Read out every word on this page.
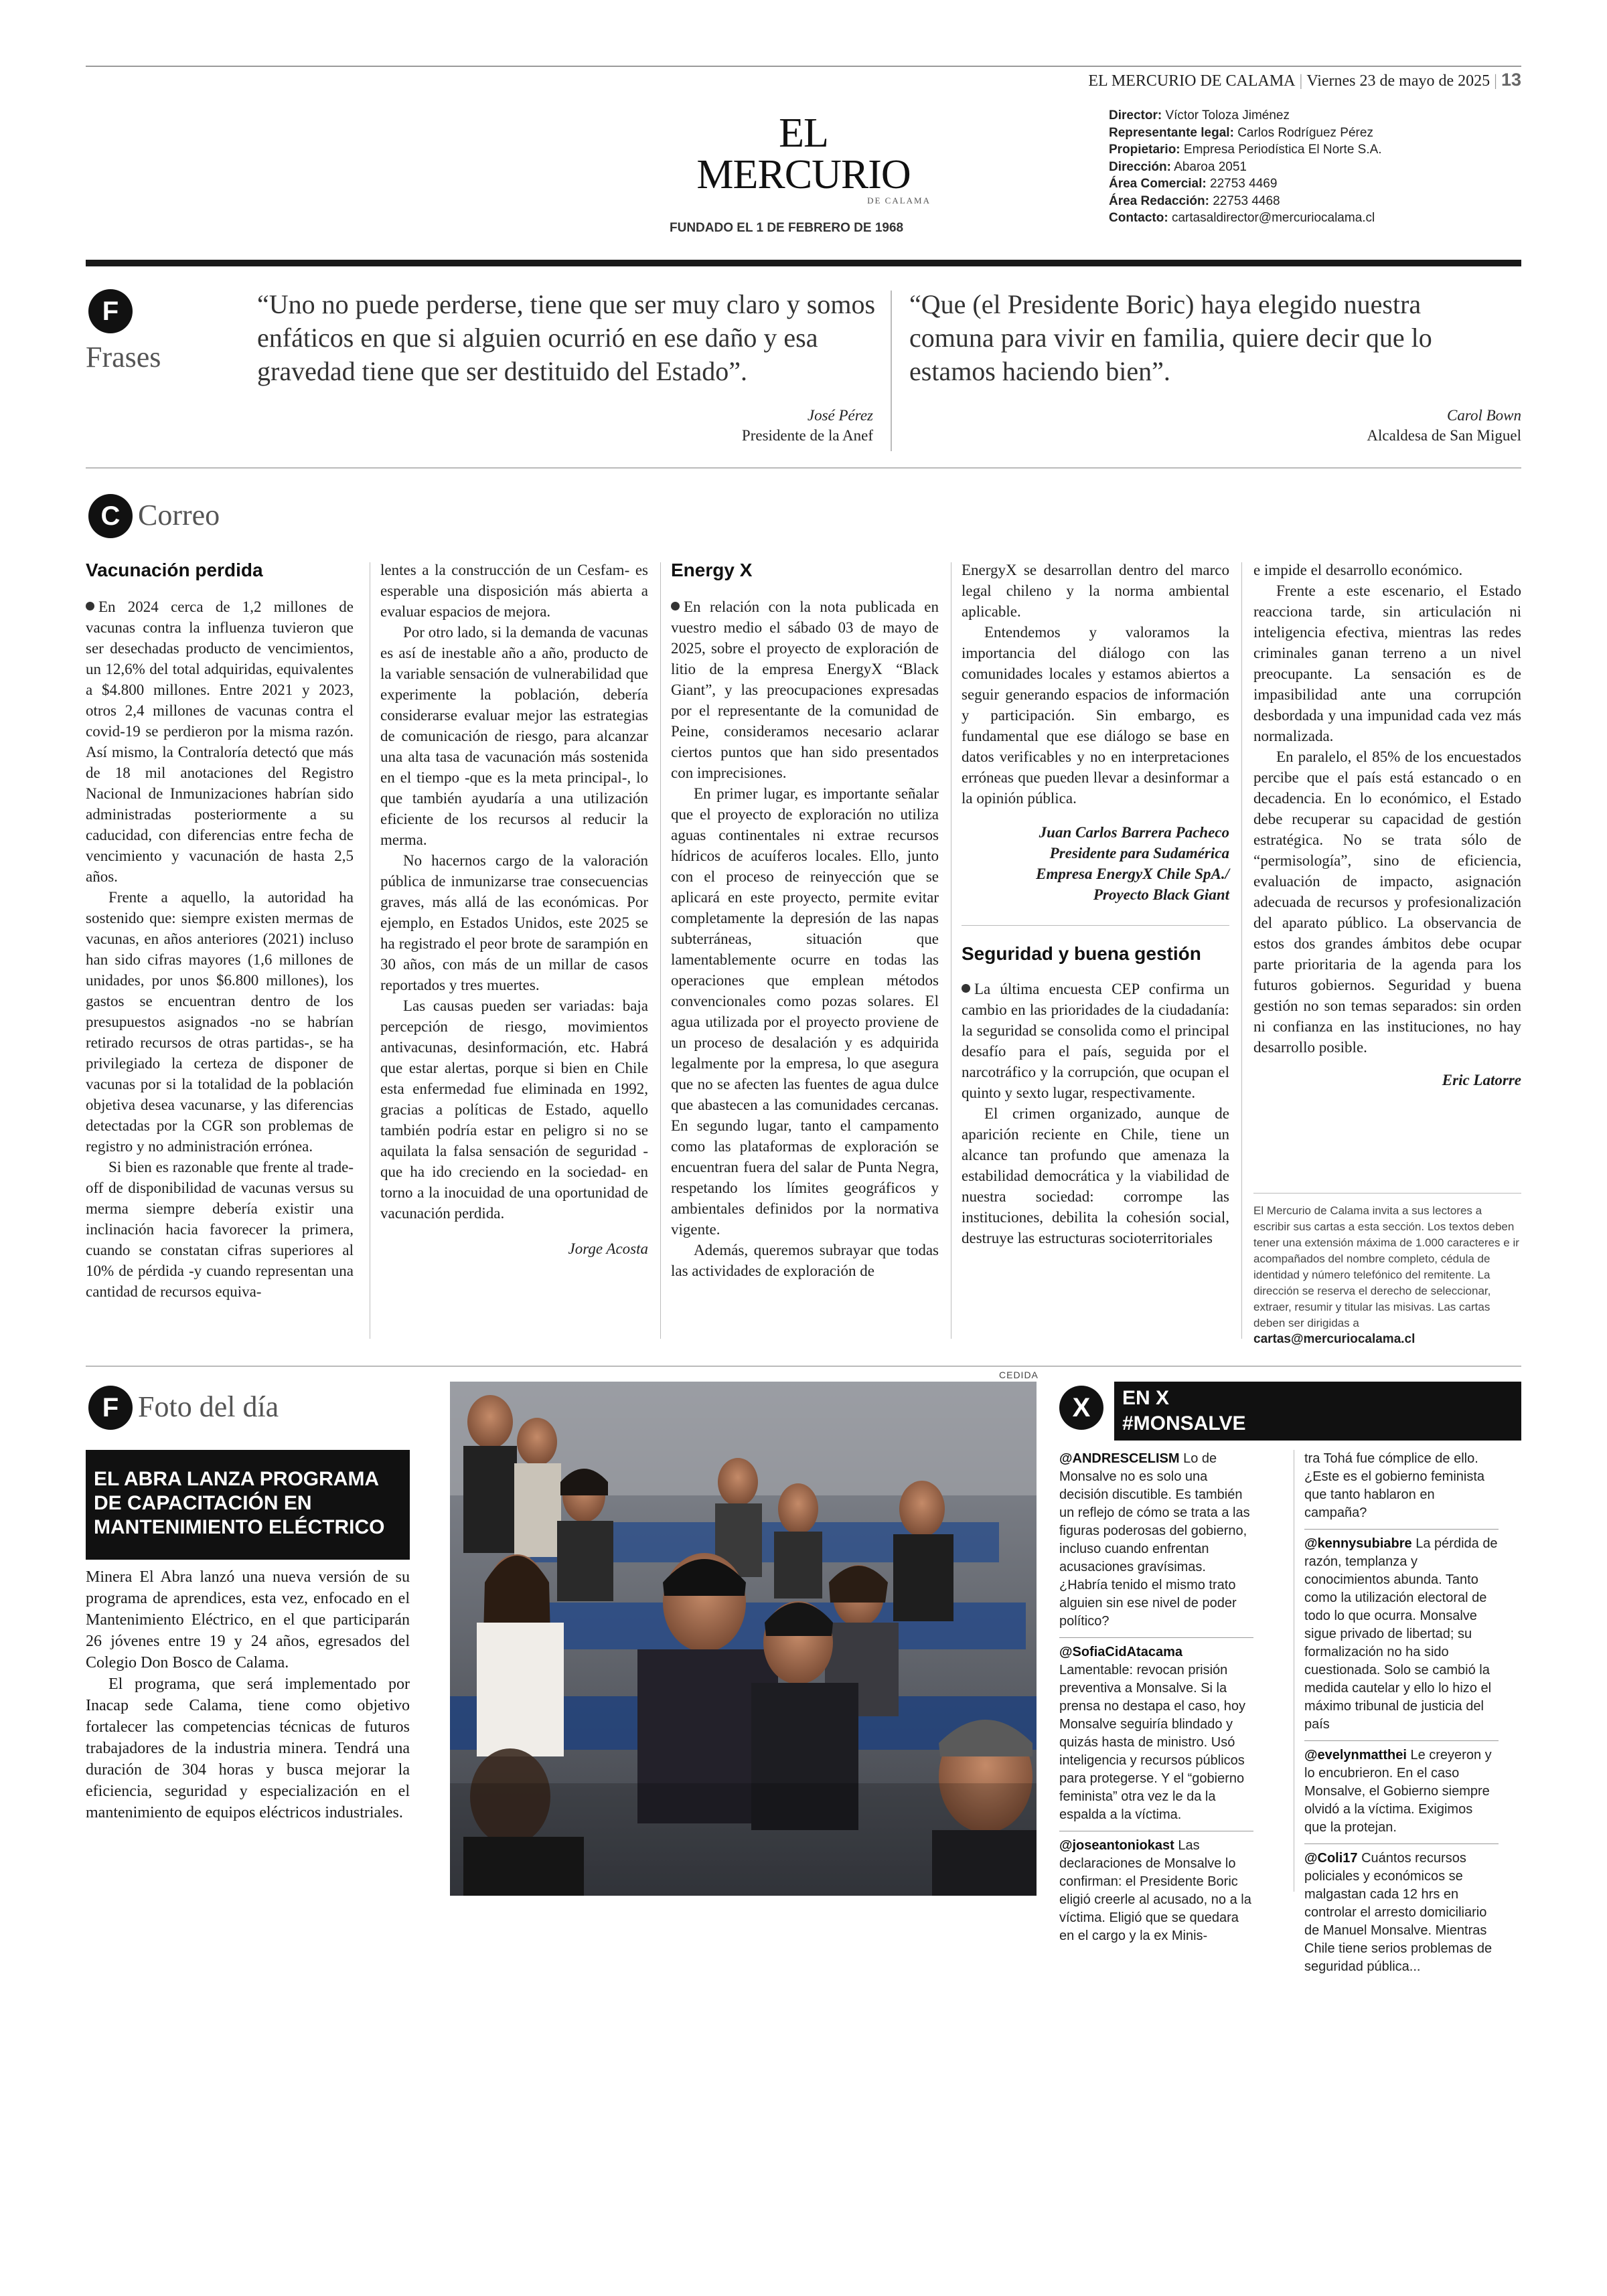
EL MERCURIO DE CALAMA | Viernes 23 de mayo de 2025 | 13
EL MERCURIO
DE CALAMA
FUNDADO EL 1 DE FEBRERO DE 1968
Director: Víctor Toloza Jiménez
Representante legal: Carlos Rodríguez Pérez
Propietario: Empresa Periodística El Norte S.A.
Dirección: Abaroa 2051
Área Comercial: 22753 4469
Área Redacción: 22753 4468
Contacto: cartasaldirector@mercuriocalama.cl
F
Frases
“Uno no puede perderse, tiene que ser muy claro y somos enfáticos en que si alguien ocurrió en ese daño y esa gravedad tiene que ser destituido del Estado”.
José Pérez
Presidente de la Anef
“Que (el Presidente Boric) haya elegido nuestra comuna para vivir en familia, quiere decir que lo estamos haciendo bien”.
Carol Bown
Alcaldesa de San Miguel
C Correo
Vacunación perdida

En 2024 cerca de 1,2 millones de vacunas contra la influenza tuvieron que ser desechadas producto de vencimientos, un 12,6% del total adquiridas, equivalentes a $4.800 millones. Entre 2021 y 2023, otros 2,4 millones de vacunas contra el covid-19 se perdieron por la misma razón. Así mismo, la Contraloría detectó que más de 18 mil anotaciones del Registro Nacional de Inmunizaciones habrían sido administradas posteriormente a su caducidad, con diferencias entre fecha de vencimiento y vacunación de hasta 2,5 años.

Frente a aquello, la autoridad ha sostenido que: siempre existen mermas de vacunas, en años anteriores (2021) incluso han sido cifras mayores (1,6 millones de unidades, por unos $6.800 millones), los gastos se encuentran dentro de los presupuestos asignados -no se habrían retirado recursos de otras partidas-, se ha privilegiado la certeza de disponer de vacunas por si la totalidad de la población objetiva desea vacunarse, y las diferencias detectadas por la CGR son problemas de registro y no administración errónea.

Si bien es razonable que frente al trade-off de disponibilidad de vacunas versus su merma siempre debería existir una inclinación hacia favorecer la primera, cuando se constatan cifras superiores al 10% de pérdida -y cuando representan una cantidad de recursos equiva-

lentes a la construcción de un Cesfam- es esperable una disposición más abierta a evaluar espacios de mejora.

Por otro lado, si la demanda de vacunas es así de inestable año a año, producto de la variable sensación de vulnerabilidad que experimente la población, debería considerarse evaluar mejor las estrategias de comunicación de riesgo, para alcanzar una alta tasa de vacunación más sostenida en el tiempo -que es la meta principal-, lo que también ayudaría a una utilización eficiente de los recursos al reducir la merma.

No hacernos cargo de la valoración pública de inmunizarse trae consecuencias graves, más allá de las económicas. Por ejemplo, en Estados Unidos, este 2025 se ha registrado el peor brote de sarampión en 30 años, con más de un millar de casos reportados y tres muertes.

Las causas pueden ser variadas: baja percepción de riesgo, movimientos antivacunas, desinformación, etc. Habrá que estar alertas, porque si bien en Chile esta enfermedad fue eliminada en 1992, gracias a políticas de Estado, aquello también podría estar en peligro si no se aquilata la falsa sensación de seguridad -que ha ido creciendo en la sociedad- en torno a la inocuidad de una oportunidad de vacunación perdida.

Jorge Acosta
Energy X

En relación con la nota publicada en vuestro medio el sábado 03 de mayo de 2025, sobre el proyecto de exploración de litio de la empresa EnergyX “Black Giant”, y las preocupaciones expresadas por el representante de la comunidad de Peine, consideramos necesario aclarar ciertos puntos que han sido presentados con imprecisiones.

En primer lugar, es importante señalar que el proyecto de exploración no utiliza aguas continentales ni extrae recursos hídricos de acuíferos locales. Ello, junto con el proceso de reinyección que se aplicará en este proyecto, permite evitar completamente la depresión de las napas subterráneas, situación que lamentablemente ocurre en todas las operaciones que emplean métodos convencionales como pozas solares. El agua utilizada por el proyecto proviene de un proceso de desalación y es adquirida legalmente por la empresa, lo que asegura que no se afecten las fuentes de agua dulce que abastecen a las comunidades cercanas. En segundo lugar, tanto el campamento como las plataformas de exploración se encuentran fuera del salar de Punta Negra, respetando los límites geográficos y ambientales definidos por la normativa vigente.

Además, queremos subrayar que todas las actividades de exploración de

EnergyX se desarrollan dentro del marco legal chileno y la norma ambiental aplicable.

Entendemos y valoramos la importancia del diálogo con las comunidades locales y estamos abiertos a seguir generando espacios de información y participación. Sin embargo, es fundamental que ese diálogo se base en datos verificables y no en interpretaciones erróneas que pueden llevar a desinformar a la opinión pública.

Juan Carlos Barrera Pacheco
Presidente para Sudamérica
Empresa EnergyX Chile SpA./
Proyecto Black Giant
Seguridad y buena gestión

La última encuesta CEP confirma un cambio en las prioridades de la ciudadanía: la seguridad se consolida como el principal desafío para el país, seguida por el narcotráfico y la corrupción, que ocupan el quinto y sexto lugar, respectivamente.

El crimen organizado, aunque de aparición reciente en Chile, tiene un alcance tan profundo que amenaza la estabilidad democrática y la viabilidad de nuestra sociedad: corrompe las instituciones, debilita la cohesión social, destruye las estructuras socioterritoriales

e impide el desarrollo económico.

Frente a este escenario, el Estado reacciona tarde, sin articulación ni inteligencia efectiva, mientras las redes criminales ganan terreno a un nivel preocupante. La sensación es de impasibilidad ante una corrupción desbordada y una impunidad cada vez más normalizada.

En paralelo, el 85% de los encuestados percibe que el país está estancado o en decadencia. En lo económico, el Estado debe recuperar su capacidad de gestión estratégica. No se trata sólo de “permisología”, sino de eficiencia, evaluación de impacto, asignación adecuada de recursos y profesionalización del aparato público. La observancia de estos dos grandes ámbitos debe ocupar parte prioritaria de la agenda para los futuros gobiernos. Seguridad y buena gestión no son temas separados: sin orden ni confianza en las instituciones, no hay desarrollo posible.

Eric Latorre
El Mercurio de Calama invita a sus lectores a escribir sus cartas a esta sección. Los textos deben tener una extensión máxima de 1.000 caracteres e ir acompañados del nombre completo, cédula de identidad y número telefónico del remitente. La dirección se reserva el derecho de seleccionar, extraer, resumir y titular las misivas. Las cartas deben ser dirigidas a
cartas@mercuriocalama.cl
F Foto del día
EL ABRA LANZA PROGRAMA DE CAPACITACIÓN EN MANTENIMIENTO ELÉCTRICO

Minera El Abra lanzó una nueva versión de su programa de aprendices, esta vez, enfocado en el Mantenimiento Eléctrico, en el que participarán 26 jóvenes entre 19 y 24 años, egresados del Colegio Don Bosco de Calama.

El programa, que será implementado por Inacap sede Calama, tiene como objetivo fortalecer las competencias técnicas de futuros trabajadores de la industria minera. Tendrá una duración de 304 horas y busca mejorar la eficiencia, seguridad y especialización en el mantenimiento de equipos eléctricos industriales.

CEDIDA
X	EN X
#MONSALVE
@ANDRESCELISM Lo de Monsalve no es solo una decisión discutible. Es también un reflejo de cómo se trata a las figuras poderosas del gobierno, incluso cuando enfrentan acusaciones gravísimas. ¿Habría tenido el mismo trato alguien sin ese nivel de poder político?
@SofiaCidAtacama Lamentable: revocan prisión preventiva a Monsalve. Si la prensa no destapa el caso, hoy Monsalve seguiría blindado y quizás hasta de ministro. Usó inteligencia y recursos públicos para protegerse. Y el “gobierno feminista” otra vez le da la espalda a la víctima.
@joseantoniokast Las declaraciones de Monsalve lo confirman: el Presidente Boric eligió creerle al acusado, no a la víctima. Eligió que se quedara en el cargo y la ex Minis-
tra Tohá fue cómplice de ello. ¿Este es el gobierno feminista que tanto hablaron en campaña?
@kennysubiabre La pérdida de razón, templanza y conocimientos abunda. Tanto como la utilización electoral de todo lo que ocurra. Monsalve sigue privado de libertad; su formalización no ha sido cuestionada. Solo se cambió la medida cautelar y ello lo hizo el máximo tribunal de justicia del país
@evelynmatthei Le creyeron y lo encubrieron. En el caso Monsalve, el Gobierno siempre olvidó a la víctima. Exigimos que la protejan.
@Coli17 Cuántos recursos policiales y económicos se malgastan cada 12 hrs en controlar el arresto domiciliario de Manuel Monsalve. Mientras Chile tiene serios problemas de seguridad pública...
